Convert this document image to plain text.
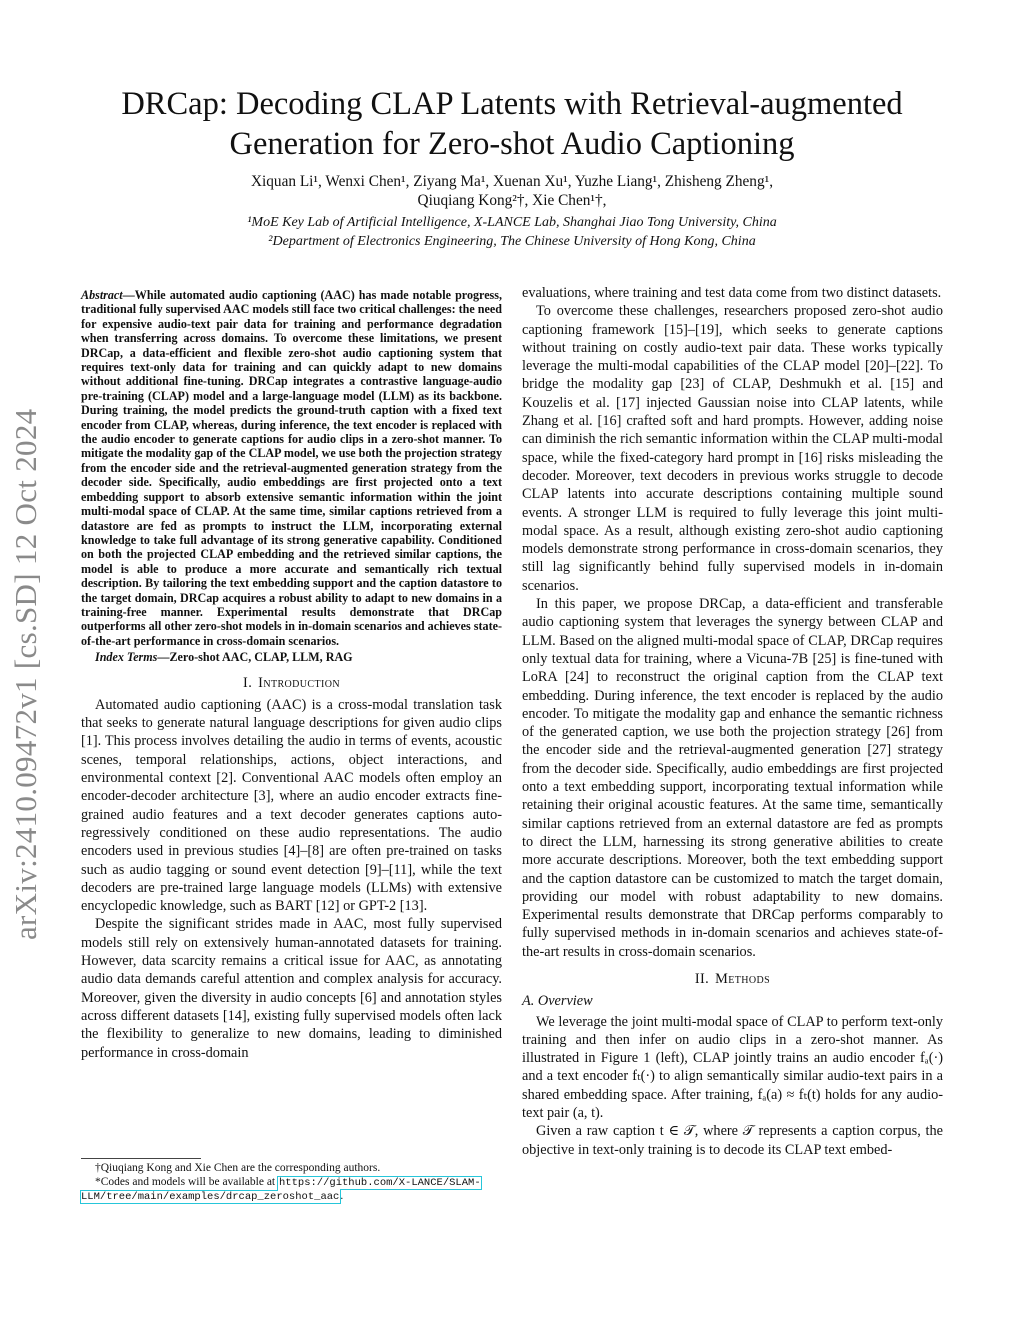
arXiv:2410.09472v1 [cs.SD] 12 Oct 2024
DRCap: Decoding CLAP Latents with Retrieval-augmented
Generation for Zero-shot Audio Captioning
Xiquan Li¹, Wenxi Chen¹, Ziyang Ma¹, Xuenan Xu¹, Yuzhe Liang¹, Zhisheng Zheng¹,
Qiuqiang Kong²†, Xie Chen¹†,
¹MoE Key Lab of Artificial Intelligence, X-LANCE Lab, Shanghai Jiao Tong University, China
²Department of Electronics Engineering, The Chinese University of Hong Kong, China

Abstract—While automated audio captioning (AAC) has made notable progress, traditional fully supervised AAC models still face two critical challenges: the need for expensive audio-text pair data for training and performance degradation when transferring across domains. To overcome these limitations, we present DRCap, a data-efficient and flexible zero-shot audio captioning system that requires text-only data for training and can quickly adapt to new domains without additional fine-tuning. DRCap integrates a contrastive language-audio pre-training (CLAP) model and a large-language model (LLM) as its backbone. During training, the model predicts the ground-truth caption with a fixed text encoder from CLAP, whereas, during inference, the text encoder is replaced with the audio encoder to generate captions for audio clips in a zero-shot manner. To mitigate the modality gap of the CLAP model, we use both the projection strategy from the encoder side and the retrieval-augmented generation strategy from the decoder side. Specifically, audio embeddings are first projected onto a text embedding support to absorb extensive semantic information within the joint multi-modal space of CLAP. At the same time, similar captions retrieved from a datastore are fed as prompts to instruct the LLM, incorporating external knowledge to take full advantage of its strong generative capability. Conditioned on both the projected CLAP embedding and the retrieved similar captions, the model is able to produce a more accurate and semantically rich textual description. By tailoring the text embedding support and the caption datastore to the target domain, DRCap acquires a robust ability to adapt to new domains in a training-free manner. Experimental results demonstrate that DRCap outperforms all other zero-shot models in in-domain scenarios and achieves state-of-the-art performance in cross-domain scenarios.

Index Terms—Zero-shot AAC, CLAP, LLM, RAG

I. Introduction

Automated audio captioning (AAC) is a cross-modal translation task that seeks to generate natural language descriptions for given audio clips [1]. This process involves detailing the audio in terms of events, acoustic scenes, temporal relationships, actions, object interactions, and environmental context [2]. Conventional AAC models often employ an encoder-decoder architecture [3], where an audio encoder extracts fine-grained audio features and a text decoder generates captions auto-regressively conditioned on these audio representations. The audio encoders used in previous studies [4]–[8] are often pre-trained on tasks such as audio tagging or sound event detection [9]–[11], while the text decoders are pre-trained large language models (LLMs) with extensive encyclopedic knowledge, such as BART [12] or GPT-2 [13].

Despite the significant strides made in AAC, most fully supervised models still rely on extensively human-annotated datasets for training. However, data scarcity remains a critical issue for AAC, as annotating audio data demands careful attention and complex analysis for accuracy. Moreover, given the diversity in audio concepts [6] and annotation styles across different datasets [14], existing fully supervised models often lack the flexibility to generalize to new domains, leading to diminished performance in cross-domain

†Qiuqiang Kong and Xie Chen are the corresponding authors.

*Codes and models will be available at https://github.com/X-LANCE/SLAM-LLM/tree/main/examples/drcap_zeroshot_aac.

evaluations, where training and test data come from two distinct datasets.

To overcome these challenges, researchers proposed zero-shot audio captioning framework [15]–[19], which seeks to generate captions without training on costly audio-text pair data. These works typically leverage the multi-modal capabilities of the CLAP model [20]–[22]. To bridge the modality gap [23] of CLAP, Deshmukh et al. [15] and Kouzelis et al. [17] injected Gaussian noise into CLAP latents, while Zhang et al. [16] crafted soft and hard prompts. However, adding noise can diminish the rich semantic information within the CLAP multi-modal space, while the fixed-category hard prompt in [16] risks misleading the decoder. Moreover, text decoders in previous works struggle to decode CLAP latents into accurate descriptions containing multiple sound events. A stronger LLM is required to fully leverage this joint multi-modal space. As a result, although existing zero-shot audio captioning models demonstrate strong performance in cross-domain scenarios, they still lag significantly behind fully supervised models in in-domain scenarios.

In this paper, we propose DRCap, a data-efficient and transferable audio captioning system that leverages the synergy between CLAP and LLM. Based on the aligned multi-modal space of CLAP, DRCap requires only textual data for training, where a Vicuna-7B [25] is fine-tuned with LoRA [24] to reconstruct the original caption from the CLAP text embedding. During inference, the text encoder is replaced by the audio encoder. To mitigate the modality gap and enhance the semantic richness of the generated caption, we use both the projection strategy [26] from the encoder side and the retrieval-augmented generation [27] strategy from the decoder side. Specifically, audio embeddings are first projected onto a text embedding support, incorporating textual information while retaining their original acoustic features. At the same time, semantically similar captions retrieved from an external datastore are fed as prompts to direct the LLM, harnessing its strong generative abilities to create more accurate descriptions. Moreover, both the text embedding support and the caption datastore can be customized to match the target domain, providing our model with robust adaptability to new domains. Experimental results demonstrate that DRCap performs comparably to fully supervised methods in in-domain scenarios and achieves state-of-the-art results in cross-domain scenarios.

II. Methods
A. Overview

We leverage the joint multi-modal space of CLAP to perform text-only training and then infer on audio clips in a zero-shot manner. As illustrated in Figure 1 (left), CLAP jointly trains an audio encoder fₐ(·) and a text encoder fₜ(·) to align semantically similar audio-text pairs in a shared embedding space. After training, fₐ(a) ≈ fₜ(t) holds for any audio-text pair (a, t).

Given a raw caption t ∈ 𝒯, where 𝒯 represents a caption corpus, the objective in text-only training is to decode its CLAP text embed-
